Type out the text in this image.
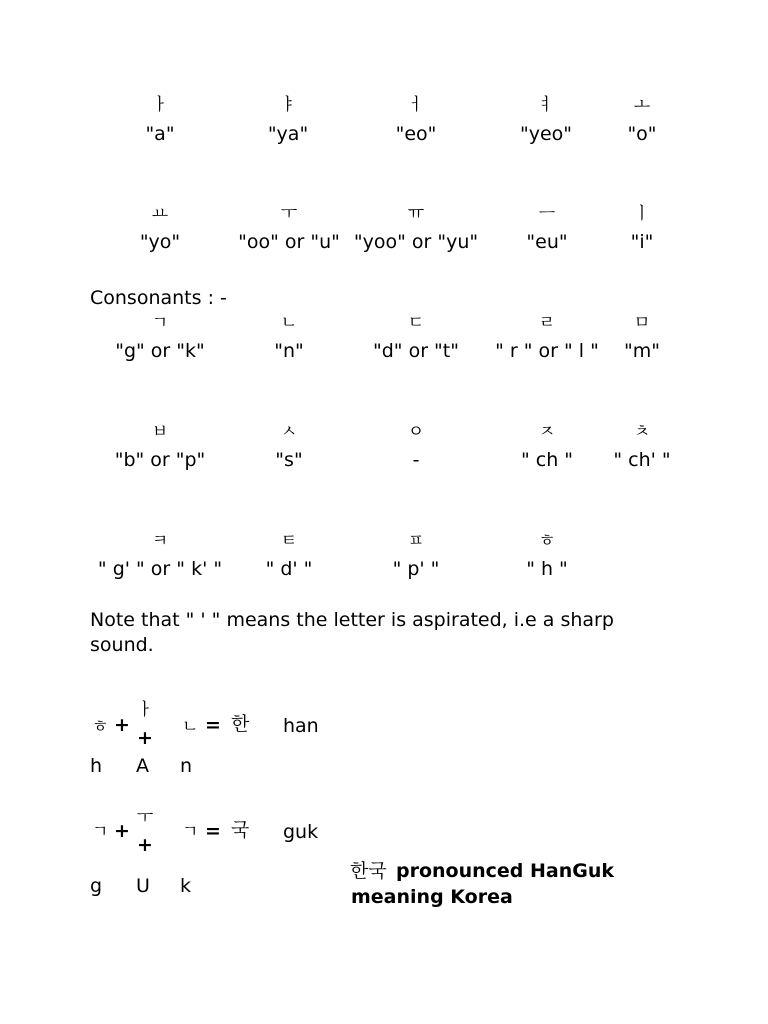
ㅏ
"a"
ㅑ
"ya"
ㅓ
"eo"
ㅕ
"yeo"
ㅗ
"o"
ㅛ
"yo"
ㅜ
"oo" or "u"
ㅠ
"yoo" or "yu"
ㅡ
"eu"
ㅣ
"i"
Consonants : -
ㄱ
"g" or "k"
ㄴ
"n"
ㄷ
"d" or "t"
ㄹ
" r " or " l "
ㅁ
"m"
ㅂ
"b" or "p"
ㅅ
"s"
ㅇ
-
ㅈ
" ch "
ㅊ
" ch' "
ㅋ
" g' " or " k' "
ㅌ
" d' "
ㅍ
" p' "
ㅎ
" h "
Note that " ' " means the letter is aspirated, i.e a sharp
sound.
ㅎ +
ㅏ
+ ㄴ = 한 han
h A n
ㄱ +
ㅜ
+
ㄱ = 국 guk
g U k
한국 pronounced HanGuk
meaning Korea
